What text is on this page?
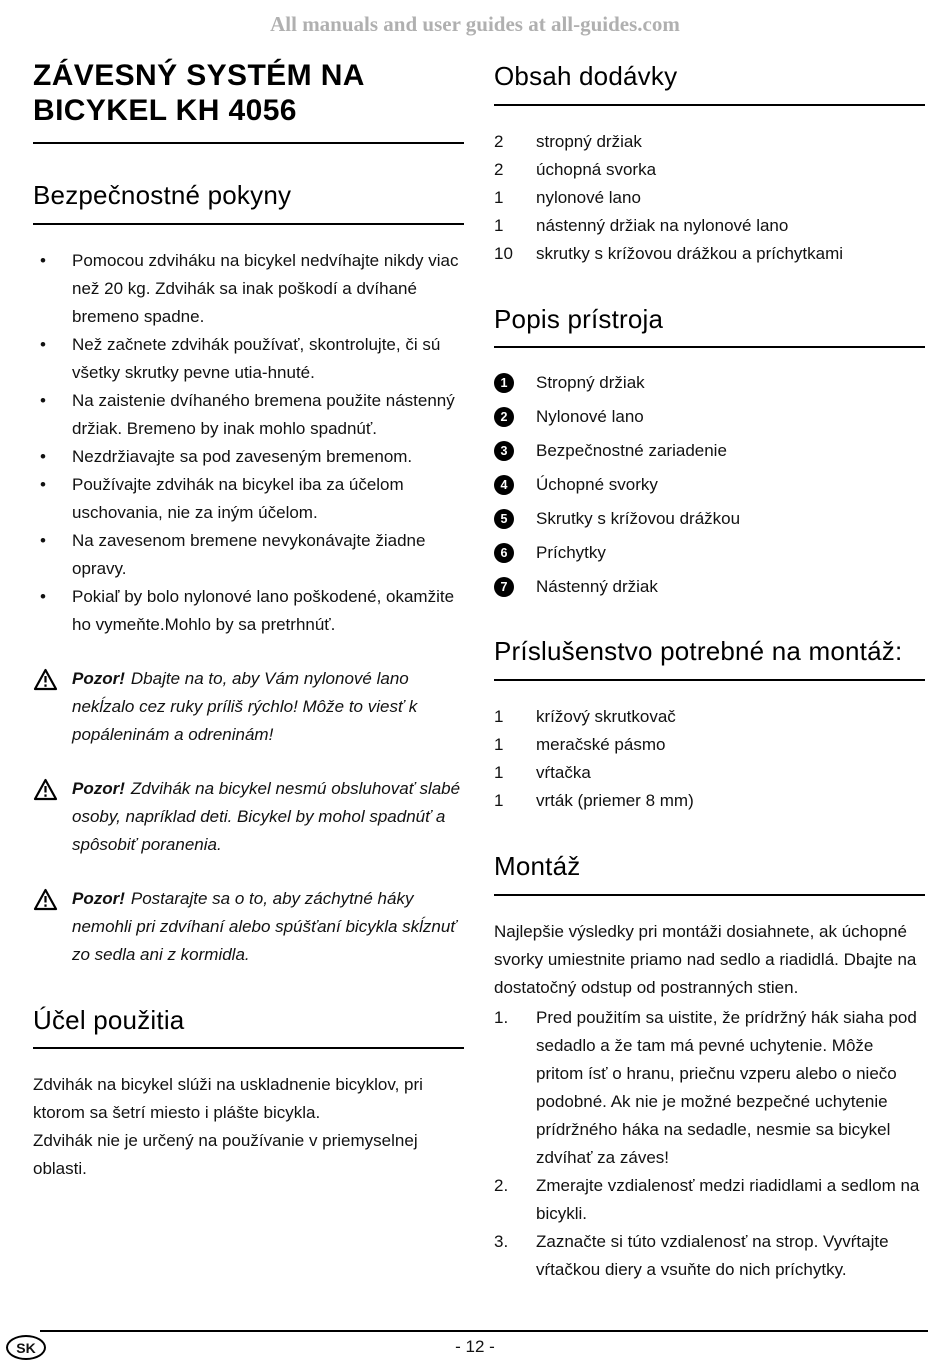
All manuals and user guides at all-guides.com
ZÁVESNÝ SYSTÉM NA
BICYKEL KH 4056
Bezpečnostné pokyny
•
Pomocou zdviháku na bicykel nedvíhajte nikdy viac než 20 kg. Zdvihák sa inak poškodí a dvíhané bremeno spadne.
•
Než začnete zdvihák používať, skontrolujte, či sú všetky skrutky pevne utia-hnuté.
•
Na zaistenie dvíhaného bremena použite nástenný držiak. Bremeno by inak mohlo spadnúť.
•
Nezdržiavajte sa pod zaveseným bremenom.
•
Používajte zdvihák na bicykel iba za účelom uschovania, nie za iným účelom.
•
Na zavesenom bremene nevykonávajte žiadne opravy.
•
Pokiaľ by bolo nylonové lano poškodené, okamžite ho vymeňte.Mohlo by sa pretrhnúť.

Pozor! Dbajte na to, aby Vám nylonové lano nekĺzalo cez ruky príliš rýchlo! Môže to viesť k popáleninám a odreninám!

Pozor! Zdvihák na bicykel nesmú obsluhovať slabé osoby, napríklad deti. Bicykel by mohol spadnúť a spôsobiť poranenia.

Pozor! Postarajte sa o to, aby záchytné háky nemohli pri zdvíhaní alebo spúšťaní bicykla skĺznuť zo sedla ani z kormidla.

Účel použitia

Zdvihák na bicykel slúži na uskladnenie bicyklov, pri ktorom sa šetrí miesto i plášte bicykla.

Zdvihák nie je určený na používanie v priemyselnej oblasti.

Obsah dodávky
2	stropný držiak
2	úchopná svorka
1	nylonové lano
1	nástenný držiak na nylonové lano
10	skrutky s krížovou drážkou a príchytkami
Popis prístroja
1	Stropný držiak
2	Nylonové lano
3	Bezpečnostné zariadenie
4	Úchopné svorky
5	Skrutky s krížovou drážkou
6	Príchytky
7	Nástenný držiak
Príslušenstvo potrebné na montáž:
1	krížový skrutkovač
1	meračské pásmo
1	vŕtačka
1	vrták (priemer 8 mm)
Montáž

Najlepšie výsledky pri montáži dosiahnete, ak úchopné svorky umiestnite priamo nad sedlo a riadidlá. Dbajte na dostatočný odstup od postranných stien.

1.	Pred použitím sa uistite, že prídržný hák siaha pod sedadlo a že tam má pevné uchytenie. Môže pritom ísť o hranu, priečnu vzperu alebo o niečo podobné. Ak nie je možné bezpečné uchytenie prídržného háka na sedadle, nesmie sa bicykel zdvíhať za záves!
2.	Zmerajte vzdialenosť medzi riadidlami a sedlom na bicykli.
3.	Zaznačte si túto vzdialenosť na strop. Vyvŕtajte vŕtačkou diery a vsuňte do nich príchytky.
SK	- 12 -
